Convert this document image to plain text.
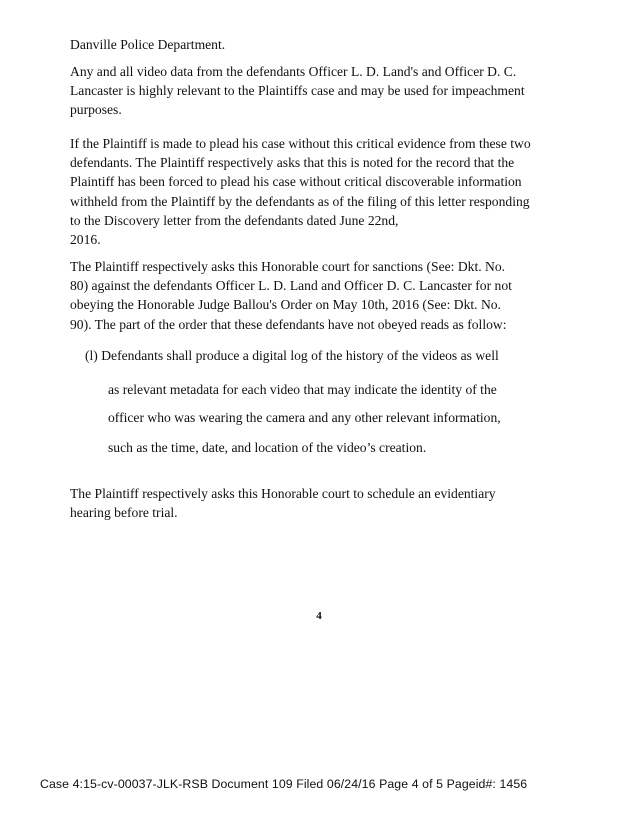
Danville Police Department.
Any and all video data from the defendants Officer L. D. Land's and Officer D. C.
Lancaster is highly relevant to the Plaintiffs case and may be used for impeachment
purposes.
If the Plaintiff is made to plead his case without this critical evidence from these two
defendants. The Plaintiff respectively asks that this is noted for the record that the
Plaintiff has been forced to plead his case without critical discoverable information
withheld from the Plaintiff by the defendants as of the filing of this letter responding
to the Discovery letter from the defendants dated June 22nd,
2016.
The Plaintiff respectively asks this Honorable court for sanctions (See: Dkt. No.
80) against the defendants Officer L. D. Land and Officer D. C. Lancaster for not
obeying the Honorable Judge Ballou's Order on May 10th, 2016 (See: Dkt. No.
90). The part of the order that these defendants have not obeyed reads as follow:
(l) Defendants shall produce a digital log of the history of the videos as well
as relevant metadata for each video that may indicate the identity of the
officer who was wearing the camera and any other relevant information,
such as the time, date, and location of the video’s creation.
The Plaintiff respectively asks this Honorable court to schedule an evidentiary
hearing before trial.
4
Case 4:15-cv-00037-JLK-RSB Document 109 Filed 06/24/16 Page 4 of 5 Pageid#: 1456
